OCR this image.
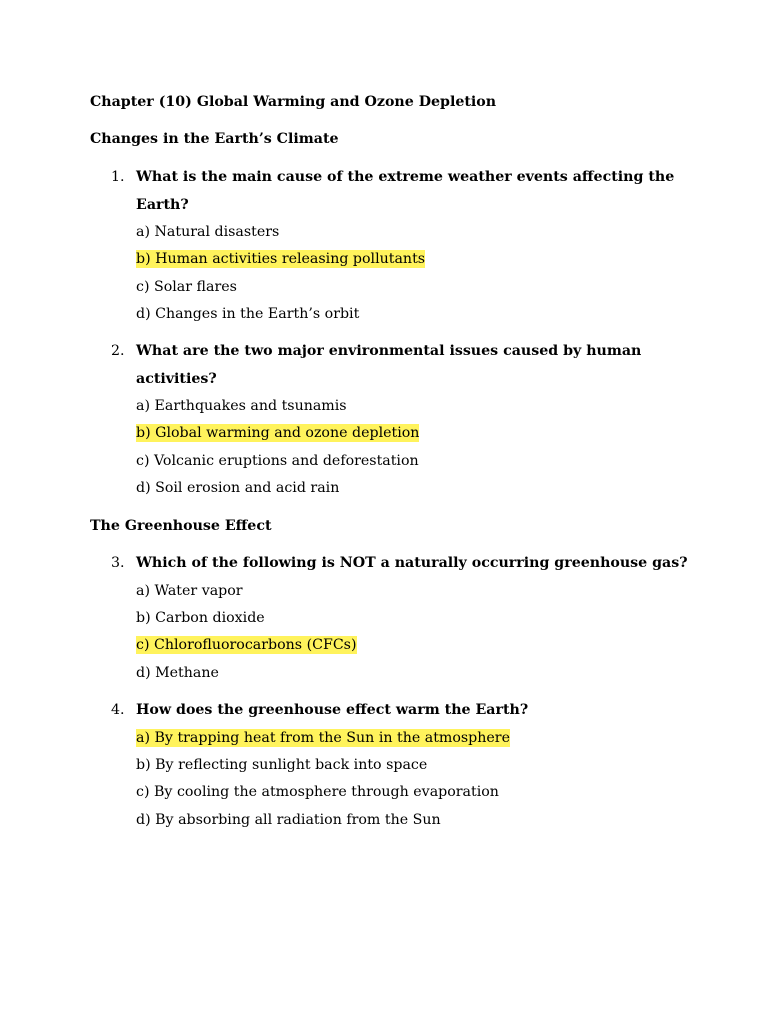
Chapter (10) Global Warming and Ozone Depletion
Changes in the Earth’s Climate
1. What is the main cause of the extreme weather events affecting the Earth?
a) Natural disasters
b) Human activities releasing pollutants
c) Solar flares
d) Changes in the Earth’s orbit
2. What are the two major environmental issues caused by human activities?
a) Earthquakes and tsunamis
b) Global warming and ozone depletion
c) Volcanic eruptions and deforestation
d) Soil erosion and acid rain
The Greenhouse Effect
3. Which of the following is NOT a naturally occurring greenhouse gas?
a) Water vapor
b) Carbon dioxide
c) Chlorofluorocarbons (CFCs)
d) Methane
4. How does the greenhouse effect warm the Earth?
a) By trapping heat from the Sun in the atmosphere
b) By reflecting sunlight back into space
c) By cooling the atmosphere through evaporation
d) By absorbing all radiation from the Sun
